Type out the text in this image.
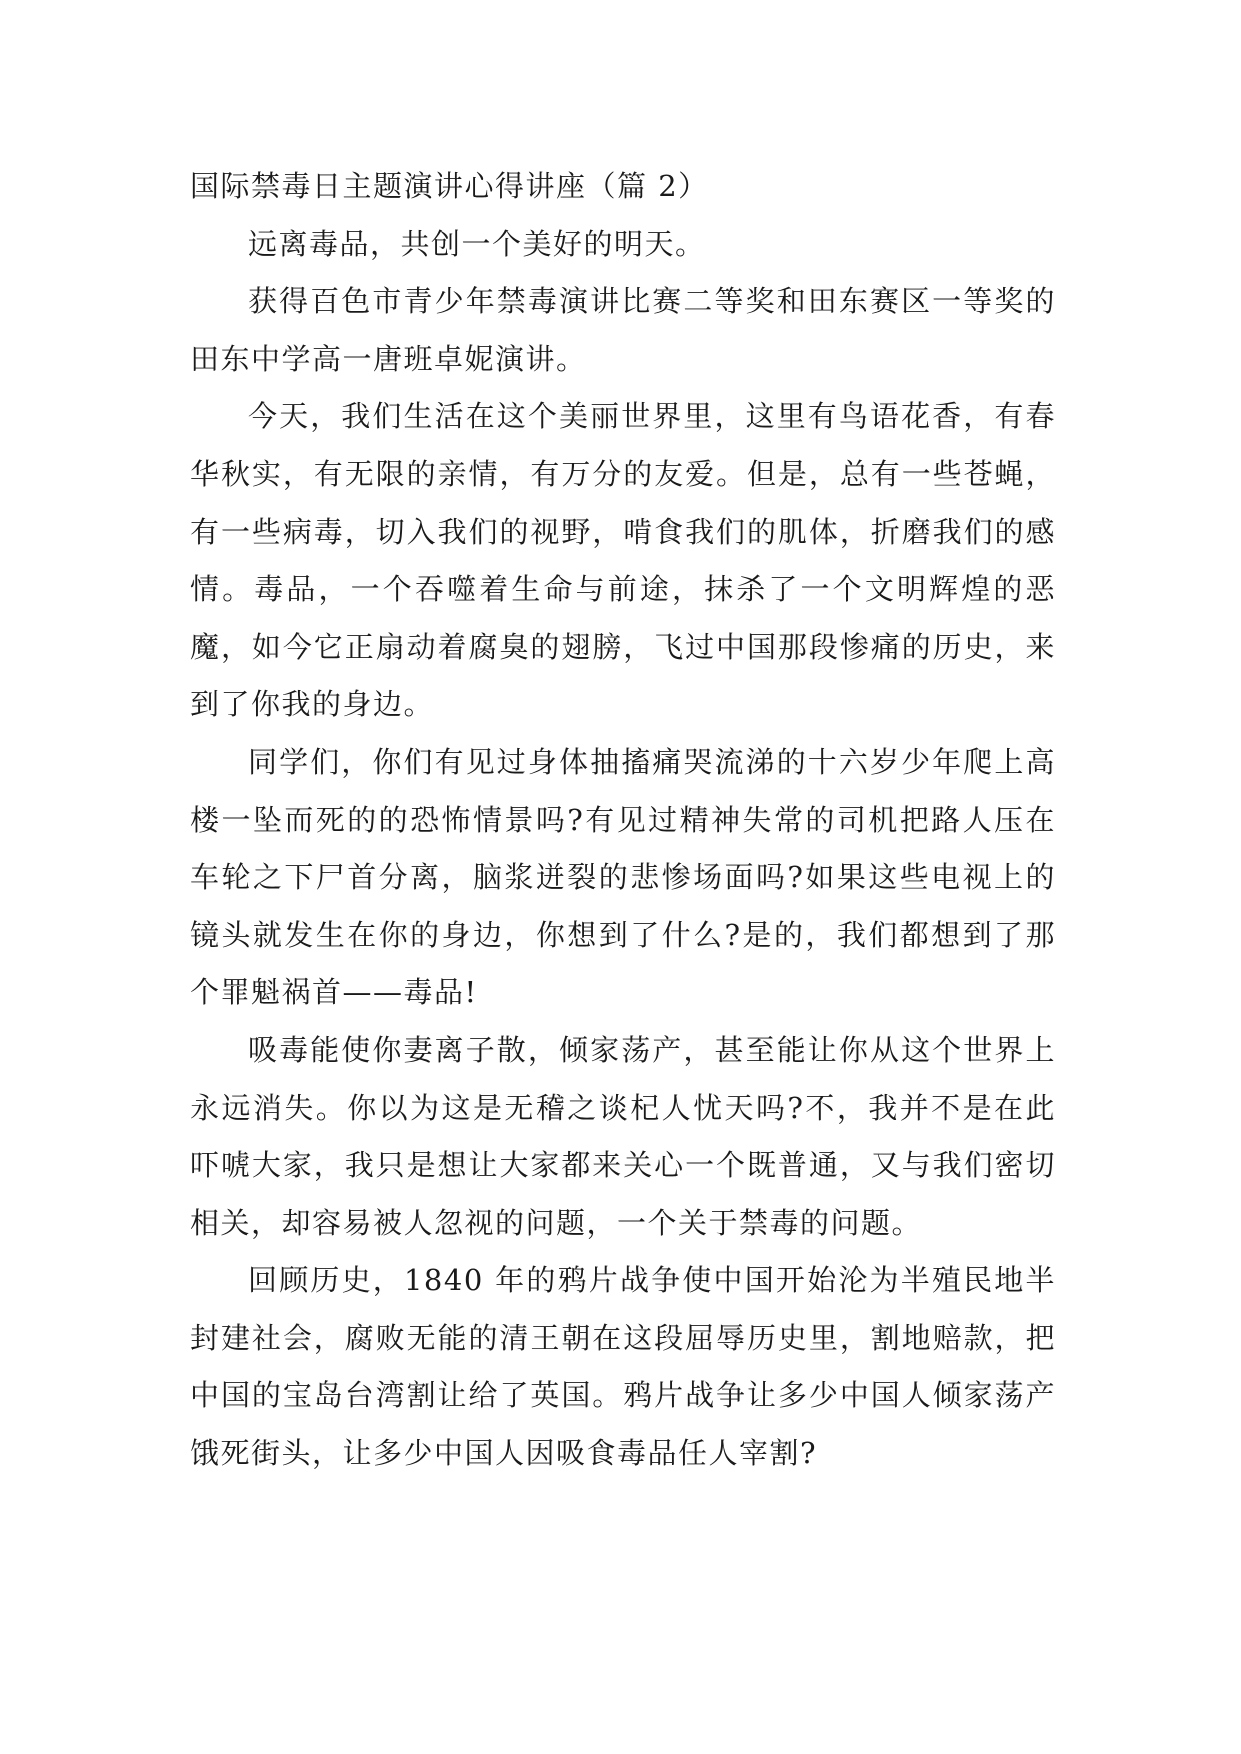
国际禁毒日主题演讲心得讲座（篇 2）

远离毒品，共创一个美好的明天。

获得百色市青少年禁毒演讲比赛二等奖和田东赛区一等奖的田东中学高一唐班卓妮演讲。

今天，我们生活在这个美丽世界里，这里有鸟语花香，有春华秋实，有无限的亲情，有万分的友爱。但是，总有一些苍蝇，有一些病毒，切入我们的视野，啃食我们的肌体，折磨我们的感情。毒品，一个吞噬着生命与前途，抹杀了一个文明辉煌的恶魔，如今它正扇动着腐臭的翅膀，飞过中国那段惨痛的历史，来到了你我的身边。

同学们，你们有见过身体抽搐痛哭流涕的十六岁少年爬上高楼一坠而死的的恐怖情景吗?有见过精神失常的司机把路人压在车轮之下尸首分离，脑浆迸裂的悲惨场面吗?如果这些电视上的镜头就发生在你的身边，你想到了什么?是的，我们都想到了那个罪魁祸首——毒品!

吸毒能使你妻离子散，倾家荡产，甚至能让你从这个世界上永远消失。你以为这是无稽之谈杞人忧天吗?不，我并不是在此吓唬大家，我只是想让大家都来关心一个既普通，又与我们密切相关，却容易被人忽视的问题，一个关于禁毒的问题。

回顾历史，1840 年的鸦片战争使中国开始沦为半殖民地半封建社会，腐败无能的清王朝在这段屈辱历史里，割地赔款，把中国的宝岛台湾割让给了英国。鸦片战争让多少中国人倾家荡产饿死街头，让多少中国人因吸食毒品任人宰割?
